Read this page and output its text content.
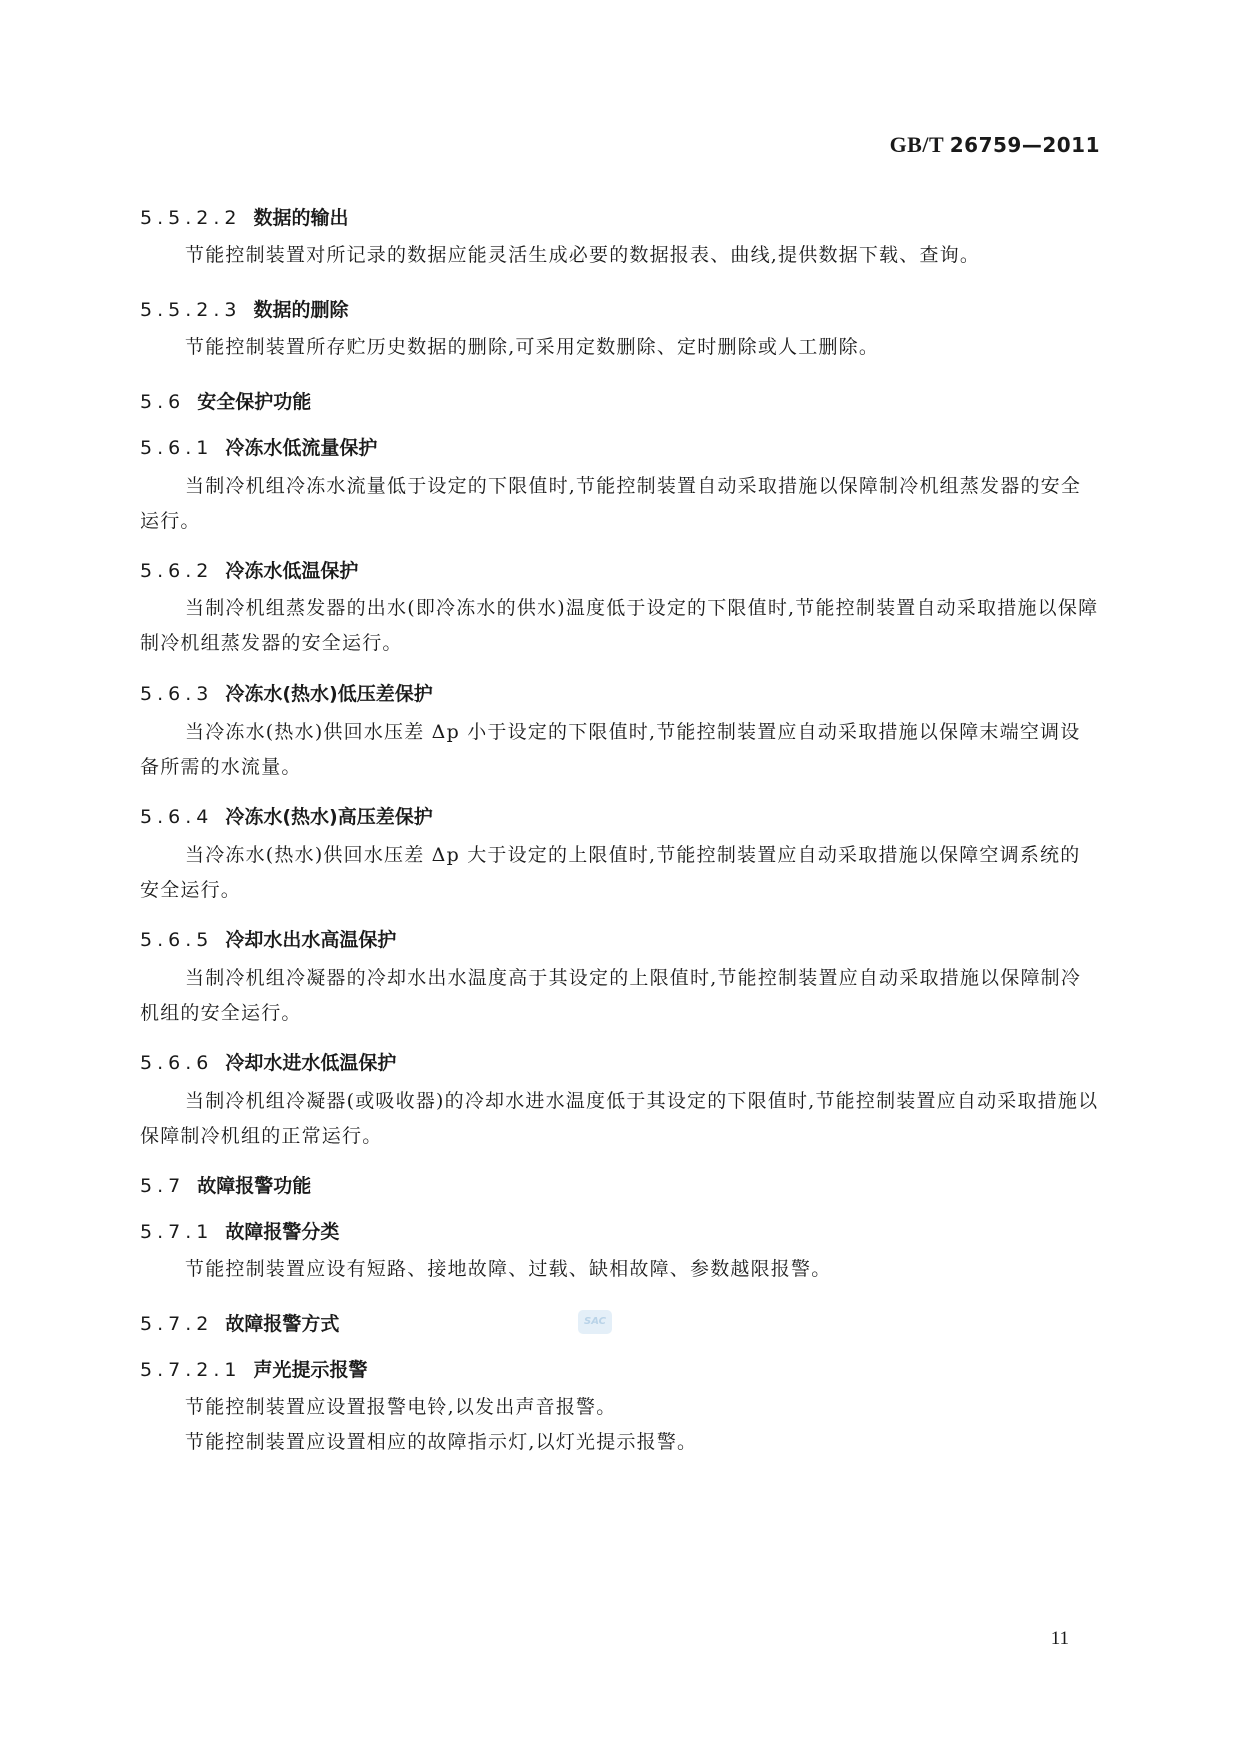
GB/T 26759—2011
5.5.2.2 数据的输出
节能控制装置对所记录的数据应能灵活生成必要的数据报表、曲线,提供数据下载、查询。
5.5.2.3 数据的删除
节能控制装置所存贮历史数据的删除,可采用定数删除、定时删除或人工删除。
5.6 安全保护功能
5.6.1 冷冻水低流量保护
当制冷机组冷冻水流量低于设定的下限值时,节能控制装置自动采取措施以保障制冷机组蒸发器的安全运行。
5.6.2 冷冻水低温保护
当制冷机组蒸发器的出水(即冷冻水的供水)温度低于设定的下限值时,节能控制装置自动采取措施以保障制冷机组蒸发器的安全运行。
5.6.3 冷冻水(热水)低压差保护
当冷冻水(热水)供回水压差 Δp 小于设定的下限值时,节能控制装置应自动采取措施以保障末端空调设备所需的水流量。
5.6.4 冷冻水(热水)高压差保护
当冷冻水(热水)供回水压差 Δp 大于设定的上限值时,节能控制装置应自动采取措施以保障空调系统的安全运行。
5.6.5 冷却水出水高温保护
当制冷机组冷凝器的冷却水出水温度高于其设定的上限值时,节能控制装置应自动采取措施以保障制冷机组的安全运行。
5.6.6 冷却水进水低温保护
当制冷机组冷凝器(或吸收器)的冷却水进水温度低于其设定的下限值时,节能控制装置应自动采取措施以保障制冷机组的正常运行。
5.7 故障报警功能
5.7.1 故障报警分类
节能控制装置应设有短路、接地故障、过载、缺相故障、参数越限报警。
5.7.2 故障报警方式
5.7.2.1 声光提示报警
节能控制装置应设置报警电铃,以发出声音报警。
节能控制装置应设置相应的故障指示灯,以灯光提示报警。
SAC
11
